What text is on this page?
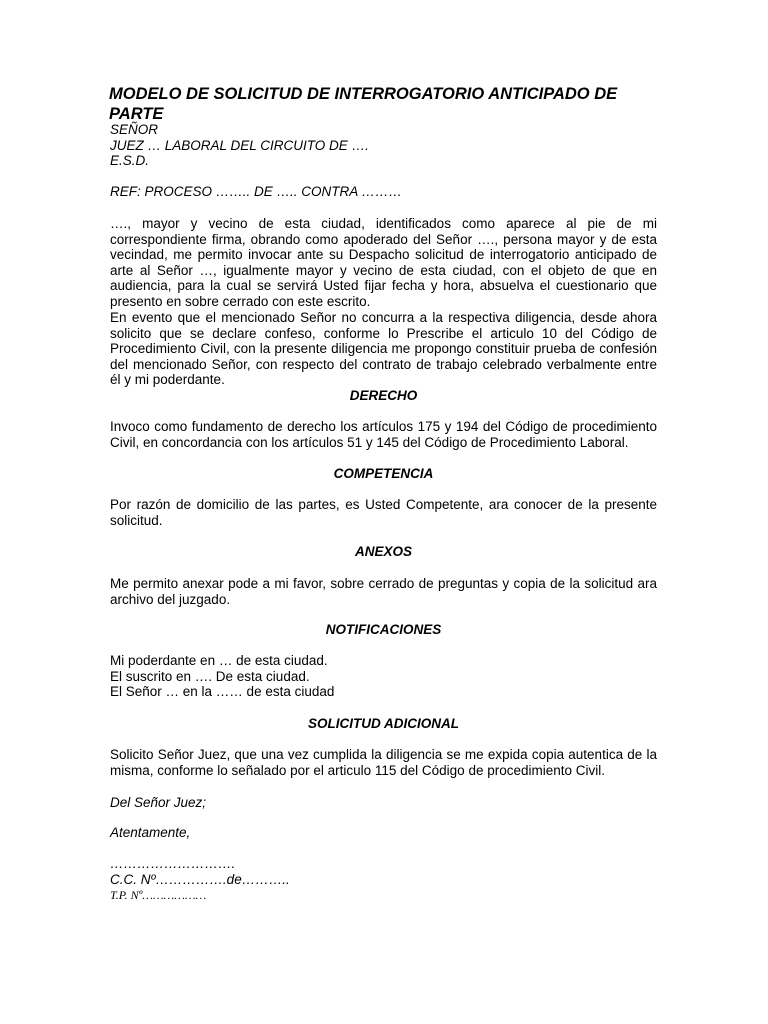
MODELO DE SOLICITUD DE INTERROGATORIO ANTICIPADO DE PARTE
SEÑOR
JUEZ … LABORAL DEL CIRCUITO DE ….
E.S.D.
REF: PROCESO …….. DE ….. CONTRA ………
…., mayor y vecino de esta ciudad, identificados como aparece al pie de mi correspondiente firma, obrando como apoderado del Señor …., persona mayor y de esta vecindad, me permito invocar ante su Despacho solicitud de interrogatorio anticipado de arte al Señor …, igualmente mayor y vecino de esta ciudad, con el objeto de que en audiencia, para la cual se servirá Usted fijar fecha y hora, absuelva el cuestionario que presento en sobre cerrado con este escrito.
En evento que el mencionado Señor no concurra a la respectiva diligencia, desde ahora solicito que se declare confeso, conforme lo Prescribe el articulo 10 del Código de Procedimiento Civil, con la presente diligencia me propongo constituir prueba de confesión del mencionado Señor, con respecto del contrato de trabajo celebrado verbalmente entre él y mi poderdante.
DERECHO
Invoco como fundamento de derecho los artículos 175 y 194 del Código de procedimiento Civil, en concordancia con los artículos 51 y 145 del Código de Procedimiento Laboral.
COMPETENCIA
Por razón de domicilio de las partes, es Usted Competente, ara conocer de la presente solicitud.
ANEXOS
Me permito anexar pode a mi favor, sobre cerrado de preguntas y copia de la solicitud ara archivo del juzgado.
NOTIFICACIONES
Mi poderdante en … de esta ciudad.
El suscrito en …. De esta ciudad.
El Señor … en la …… de esta ciudad
SOLICITUD ADICIONAL
Solicito Señor Juez, que una vez cumplida la diligencia se me expida copia autentica de la misma, conforme lo señalado por el articulo 115 del Código de procedimiento Civil.
Del Señor Juez;
Atentamente,
……………………….
C.C. Nº…………….de………..
T.P. Nº………………
